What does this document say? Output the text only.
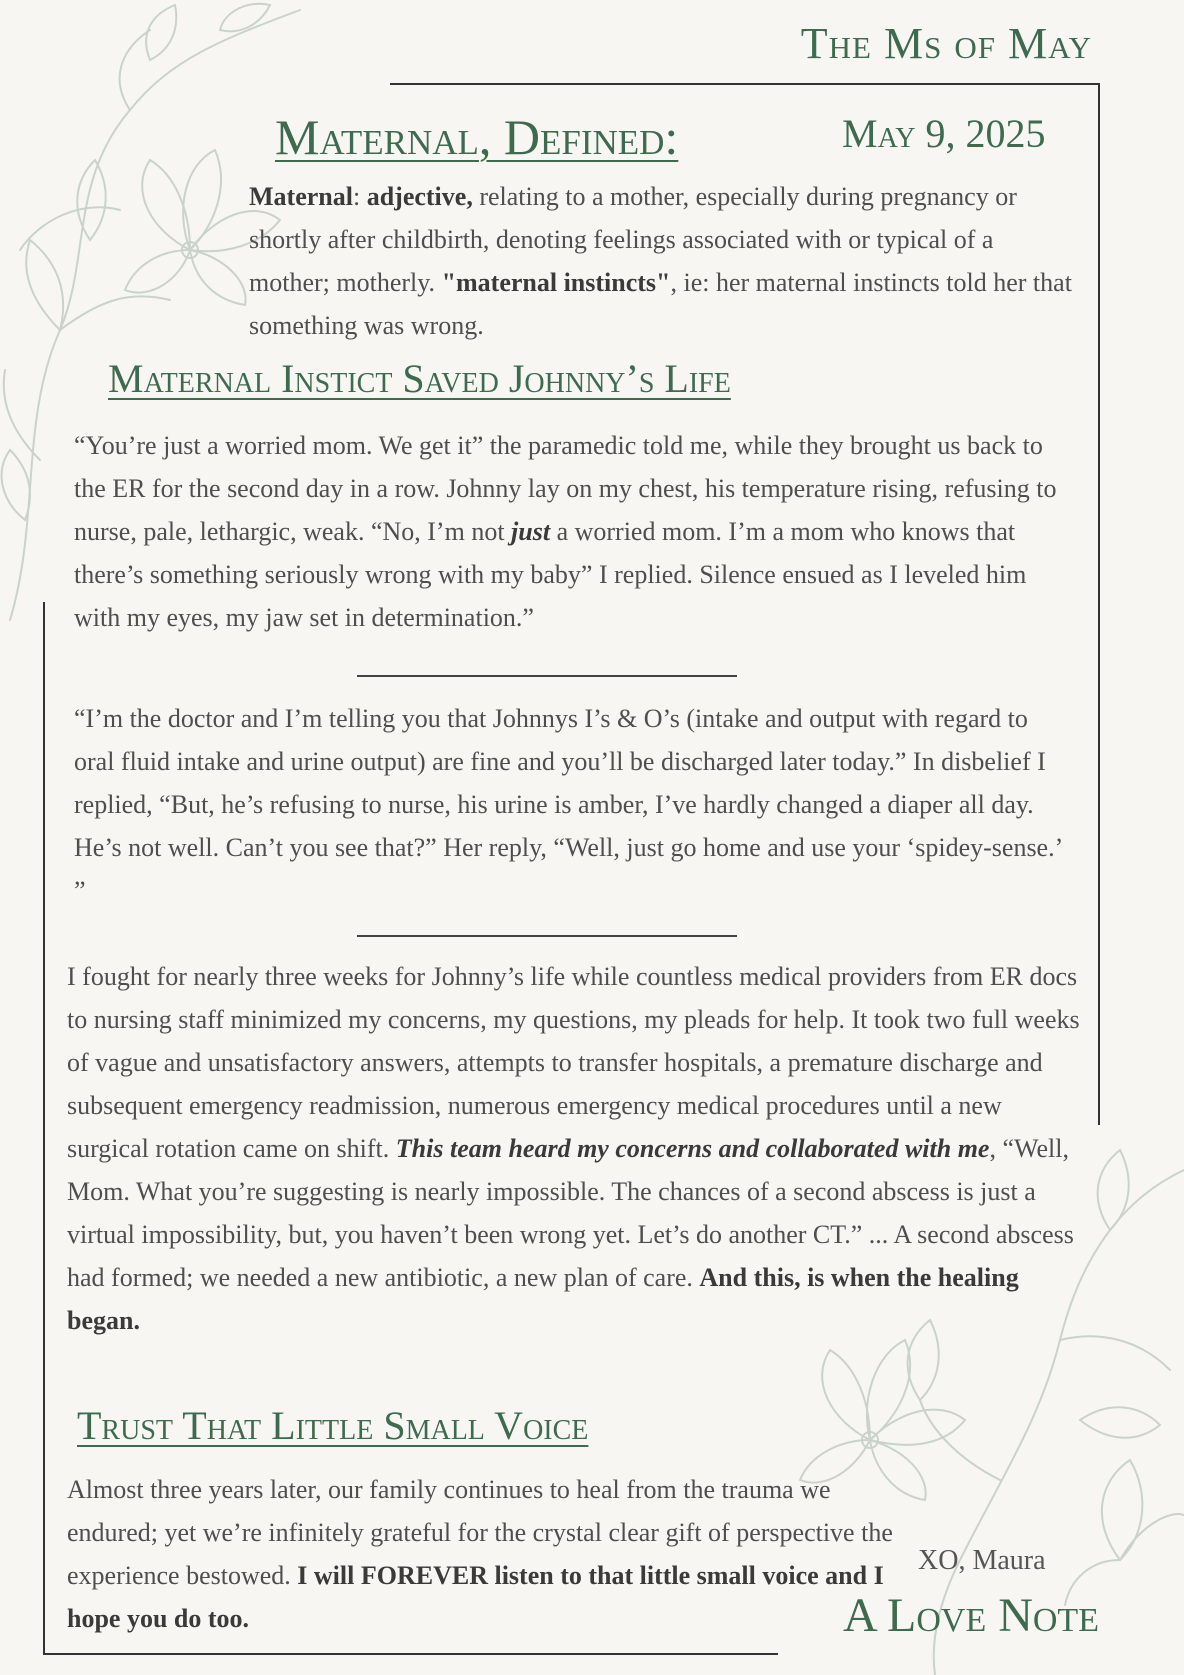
The Ms of May
Maternal, Defined:	May 9, 2025
Maternal: adjective, relating to a mother, especially during pregnancy or shortly after childbirth, denoting feelings associated with or typical of a mother; motherly. "maternal instincts", ie: her maternal instincts told her that something was wrong.
Maternal Instict Saved Johnny’s Life
“You’re just a worried mom. We get it” the paramedic told me, while they brought us back to the ER for the second day in a row. Johnny lay on my chest, his temperature rising, refusing to nurse, pale, lethargic, weak. “No, I’m not just a worried mom. I’m a mom who knows that there’s something seriously wrong with my baby” I replied. Silence ensued as I leveled him with my eyes, my jaw set in determination.”
“I’m the doctor and I’m telling you that Johnnys I’s & O’s (intake and output with regard to oral fluid intake and urine output) are fine and you’ll be discharged later today.” In disbelief I replied, “But, he’s refusing to nurse, his urine is amber, I’ve hardly changed a diaper all day. He’s not well. Can’t you see that?” Her reply, “Well, just go home and use your ‘spidey-sense.’ ”
I fought for nearly three weeks for Johnny’s life while countless medical providers from ER docs to nursing staff minimized my concerns, my questions, my pleads for help. It took two full weeks of vague and unsatisfactory answers, attempts to transfer hospitals, a premature discharge and subsequent emergency readmission, numerous emergency medical procedures until a new surgical rotation came on shift. This team heard my concerns and collaborated with me, “Well, Mom. What you’re suggesting is nearly impossible. The chances of a second abscess is just a virtual impossibility, but, you haven’t been wrong yet. Let’s do another CT.” ... A second abscess had formed; we needed a new antibiotic, a new plan of care. And this, is when the healing began.
Trust That Little Small Voice
Almost three years later, our family continues to heal from the trauma we endured; yet we’re infinitely grateful for the crystal clear gift of perspective the experience bestowed. I will FOREVER listen to that little small voice and I hope you do too.
XO, Maura
A Love Note
